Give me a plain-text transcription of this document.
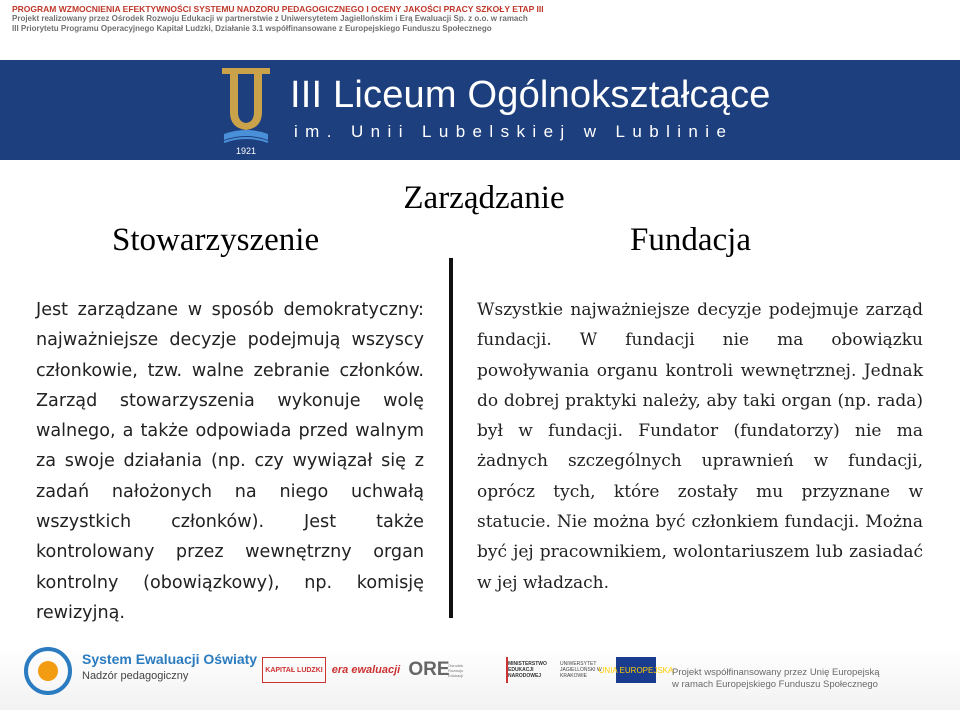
PROGRAM WZMOCNIENIA EFEKTYWNOŚCI SYSTEMU NADZORU PEDAGOGICZNEGO I OCENY JAKOŚCI PRACY SZKOŁY ETAP III
Projekt realizowany przez Ośrodek Rozwoju Edukacji w partnerstwie z Uniwersytetem Jagiellońskim i Erą Ewaluacji Sp. z o.o. w ramach
III Priorytetu Programu Operacyjnego Kapitał Ludzki, Działanie 3.1 współfinansowane z Europejskiego Funduszu Społecznego
1921
III Liceum Ogólnokształcące
im. Unii Lubelskiej w Lublinie
Zarządzanie
Stowarzyszenie	Fundacja

Jest zarządzane w sposób demokratyczny: najważniejsze decyzje podejmują wszyscy członkowie, tzw. walne zebranie członków. Zarząd stowarzyszenia wykonuje wolę walnego, a także odpowiada przed walnym za swoje działania (np. czy wywiązał się z zadań nałożonych na niego uchwałą wszystkich członków). Jest także kontrolowany przez wewnętrzny organ kontrolny (obowiązkowy), np. komisję rewizyjną.

Wszystkie najważniejsze decyzje podejmuje zarząd fundacji. W fundacji nie ma obowiązku powoływania organu kontroli wewnętrznej. Jednak do dobrej praktyki należy, aby taki organ (np. rada) był w fundacji. Fundator (fundatorzy) nie ma żadnych szczególnych uprawnień w fundacji, oprócz tych, które zostały mu przyznane w statucie. Nie można być członkiem fundacji. Można być jej pracownikiem, wolontariuszem lub zasiadać w jej władzach.

System Ewaluacji Oświaty
Nadzór pedagogiczny	KAPITAŁ LUDZKI era ewaluacji ORE
Ośrodek Rozwoju Edukacji
MINISTERSTWO EDUKACJI NARODOWEJ
UNIWERSYTET JAGIELLOŃSKI W KRAKOWIE
UNIA EUROPEJSKA
Projekt współfinansowany przez Unię Europejską
w ramach Europejskiego Funduszu Społecznego
